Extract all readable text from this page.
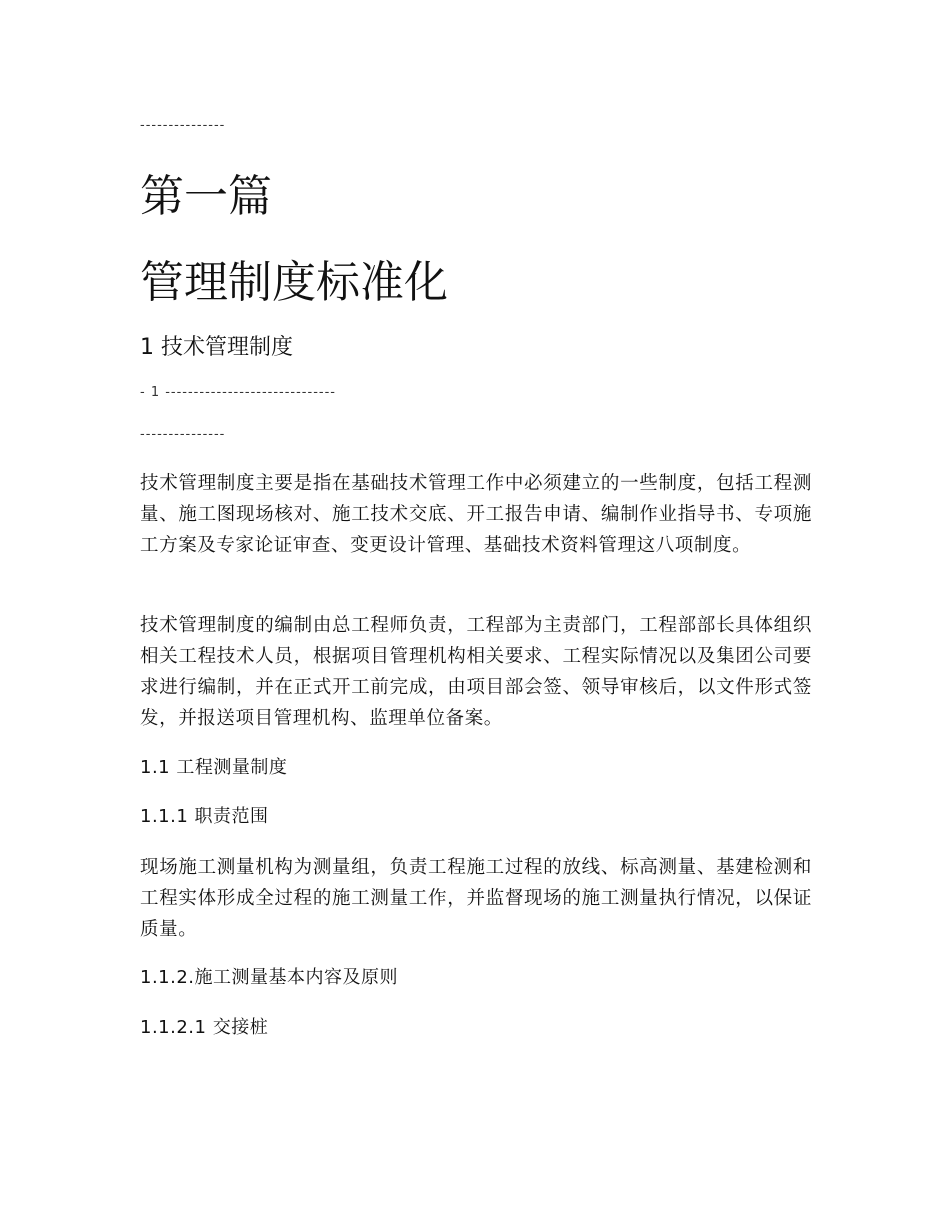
---------------
第一篇
管理制度标准化
1 技术管理制度
- 1 ------------------------------
---------------
技术管理制度主要是指在基础技术管理工作中必须建立的一些制度，包括工程测量、施工图现场核对、施工技术交底、开工报告申请、编制作业指导书、专项施工方案及专家论证审查、变更设计管理、基础技术资料管理这八项制度。
技术管理制度的编制由总工程师负责，工程部为主责部门，工程部部长具体组织相关工程技术人员，根据项目管理机构相关要求、工程实际情况以及集团公司要求进行编制，并在正式开工前完成，由项目部会签、领导审核后，以文件形式签发，并报送项目管理机构、监理单位备案。
1.1 工程测量制度
1.1.1 职责范围
现场施工测量机构为测量组，负责工程施工过程的放线、标高测量、基建检测和工程实体形成全过程的施工测量工作，并监督现场的施工测量执行情况，以保证质量。
1.1.2.施工测量基本内容及原则
1.1.2.1 交接桩
